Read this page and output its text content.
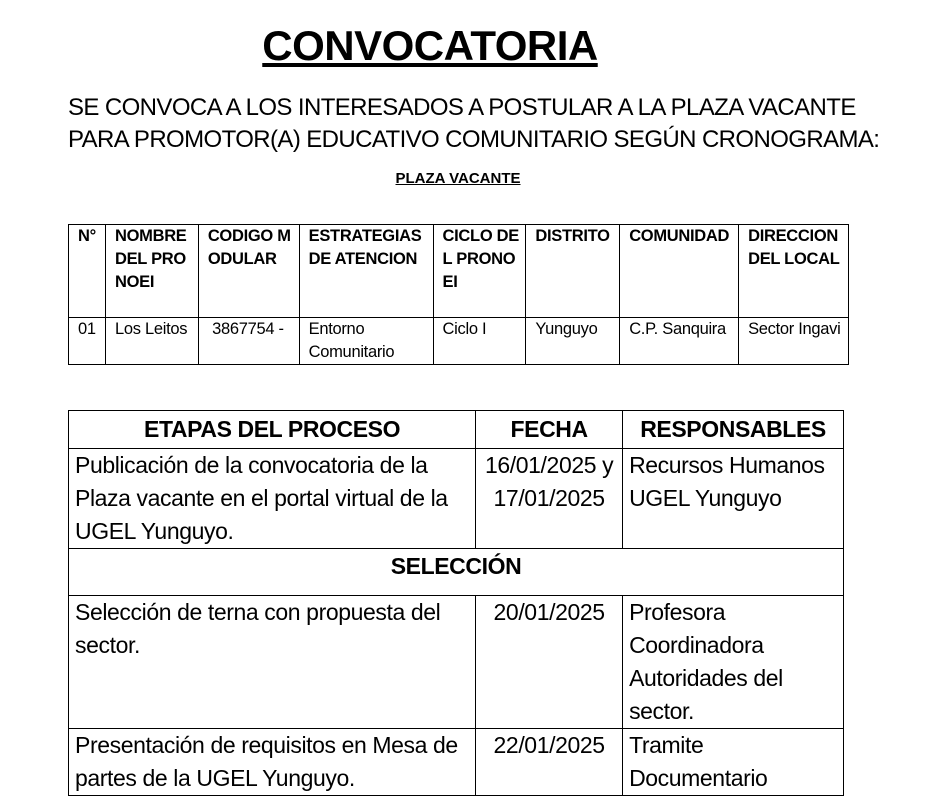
CONVOCATORIA
SE CONVOCA A LOS INTERESADOS A POSTULAR A LA PLAZA VACANTE
PARA PROMOTOR(A) EDUCATIVO COMUNITARIO SEGÚN CRONOGRAMA:
PLAZA VACANTE
N°	NOMBRE DEL PRONOEI	CODIGO MODULAR	ESTRATEGIAS DE ATENCION	CICLO DEL PRONOEI	DISTRITO	COMUNIDAD	DIRECCION DEL LOCAL
01	Los Leitos	3867754 -	Entorno Comunitario	Ciclo I	Yunguyo	C.P. Sanquira	Sector Ingavi
ETAPAS DEL PROCESO	FECHA	RESPONSABLES
Publicación de la convocatoria de la Plaza vacante en el portal virtual de la UGEL Yunguyo.	16/01/2025 y 17/01/2025	Recursos Humanos UGEL Yunguyo
SELECCIÓN		
Selección de terna con propuesta del sector.	20/01/2025	Profesora Coordinadora Autoridades del sector.
Presentación de requisitos en Mesa de partes de la UGEL Yunguyo.	22/01/2025	Tramite Documentario
